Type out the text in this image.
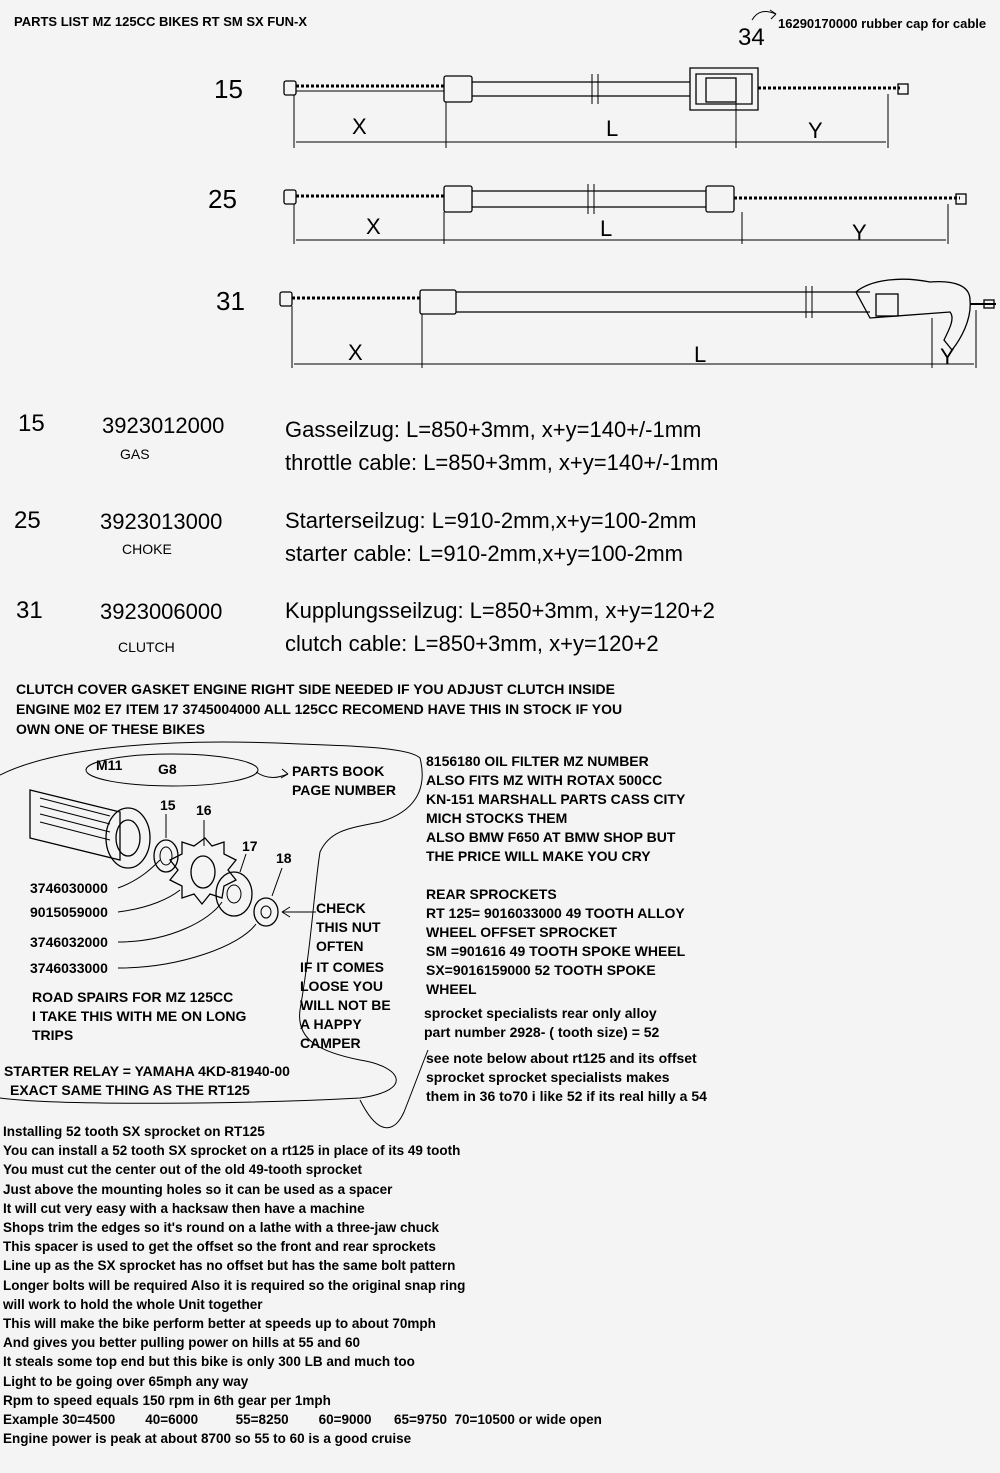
PARTS LIST MZ 125CC BIKES RT SM SX FUN-X
34
16290170000 rubber cap for cable
15
25
31
X	L	Y
X	L	Y
X	L	Y
15	3923012000
GAS
Gasseilzug: L=850+3mm, x+y=140+/-1mm
throttle cable: L=850+3mm, x+y=140+/-1mm
25	3923013000
CHOKE
Starterseilzug: L=910-2mm,x+y=100-2mm
starter cable: L=910-2mm,x+y=100-2mm
31	3923006000
CLUTCH
Kupplungsseilzug: L=850+3mm, x+y=120+2
clutch cable: L=850+3mm, x+y=120+2
CLUTCH COVER GASKET ENGINE RIGHT SIDE NEEDED IF YOU ADJUST CLUTCH INSIDE
ENGINE M02 E7 ITEM 17 3745004000 ALL 125CC RECOMEND HAVE THIS IN STOCK IF YOU
OWN ONE OF THESE BIKES
M11	G8	PARTS BOOK
PAGE NUMBER
15 16
17
18
3746030000
9015059000
3746032000
3746033000
CHECK
THIS NUT
OFTEN
IF IT COMES
LOOSE YOU
WILL NOT BE
A HAPPY
CAMPER
ROAD SPAIRS FOR MZ 125CC
I TAKE THIS WITH ME ON LONG
TRIPS
STARTER RELAY = YAMAHA 4KD-81940-00
EXACT SAME THING AS THE RT125
8156180 OIL FILTER MZ NUMBER
ALSO FITS MZ WITH ROTAX 500CC
KN-151 MARSHALL PARTS CASS CITY
MICH STOCKS THEM
ALSO BMW F650 AT BMW SHOP BUT
THE PRICE WILL MAKE YOU CRY
REAR SPROCKETS
RT 125= 9016033000 49 TOOTH ALLOY
WHEEL OFFSET SPROCKET
SM =901616 49 TOOTH SPOKE WHEEL
SX=9016159000 52 TOOTH SPOKE
WHEEL
sprocket specialists rear only alloy
part number 2928- ( tooth size) = 52
see note below about rt125 and its offset
sprocket sprocket specialists makes
them in 36 to70 i like 52 if its real hilly a 54
Installing 52 tooth SX sprocket on RT125
You can install a 52 tooth SX sprocket on a rt125 in place of its 49 tooth
You must cut the center out of the old 49-tooth sprocket
Just above the mounting holes so it can be used as a spacer
It will cut very easy with a hacksaw then have a machine
Shops trim the edges so it's round on a lathe with a three-jaw chuck
This spacer is used to get the offset so the front and rear sprockets
Line up as the SX sprocket has no offset but has the same bolt pattern
Longer bolts will be required Also it is required so the original snap ring
will work to hold the whole Unit together
This will make the bike perform better at speeds up to about 70mph
And gives you better pulling power on hills at 55 and 60
It steals some top end but this bike is only 300 LB and much too
Light to be going over 65mph any way
Rpm to speed equals 150 rpm in 6th gear per 1mph
Example 30=4500        40=6000          55=8250        60=9000      65=9750  70=10500 or wide open
Engine power is peak at about 8700 so 55 to 60 is a good cruise
